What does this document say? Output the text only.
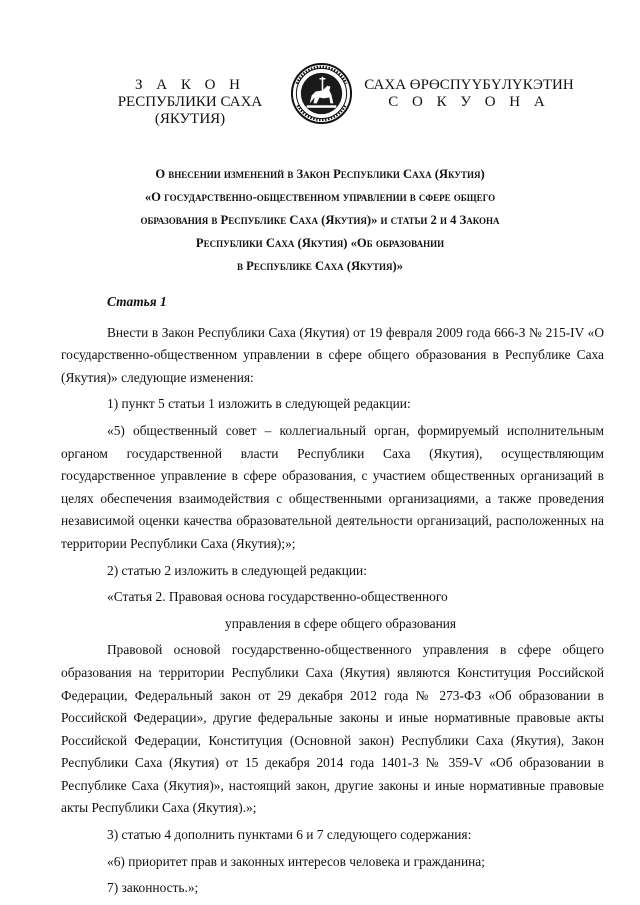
З А К О Н
РЕСПУБЛИКИ САХА (ЯКУТИЯ)
САХА ӨРӨСПҮҮБҮЛҮКЭТИН
С О К У О Н А
О внесении изменений в Закон Республики Саха (Якутия)
«О государственно-общественном управлении в сфере общего
образования в Республике Саха (Якутия)» и статьи 2 и 4 Закона
Республики Саха (Якутия) «Об образовании
в Республике Саха (Якутия)»
Статья 1

Внести в Закон Республики Саха (Якутия) от 19 февраля 2009 года 666-З № 215-IV «О государственно-общественном управлении в сфере общего образования в Республике Саха (Якутия)» следующие изменения:

1) пункт 5 статьи 1 изложить в следующей редакции:

«5) общественный совет – коллегиальный орган, формируемый исполнительным органом государственной власти Республики Саха (Якутия), осуществляющим государственное управление в сфере образования, с участием общественных организаций в целях обеспечения взаимодействия с общественными организациями, а также проведения независимой оценки качества образовательной деятельности организаций, расположенных на территории Республики Саха (Якутия);»;

2) статью 2 изложить в следующей редакции:

«Статья 2. Правовая основа государственно-общественного

управления в сфере общего образования

Правовой основой государственно-общественного управления в сфере общего образования на территории Республики Саха (Якутия) являются Конституция Российской Федерации, Федеральный закон от 29 декабря 2012 года № 273-ФЗ «Об образовании в Российской Федерации», другие федеральные законы и иные нормативные правовые акты Российской Федерации, Конституция (Основной закон) Республики Саха (Якутия), Закон Республики Саха (Якутия) от 15 декабря 2014 года 1401-З № 359-V «Об образовании в Республике Саха (Якутия)», настоящий закон, другие законы и иные нормативные правовые акты Республики Саха (Якутия).»;

3) статью 4 дополнить пунктами 6 и 7 следующего содержания:

«6) приоритет прав и законных интересов человека и гражданина;

7) законность.»;
